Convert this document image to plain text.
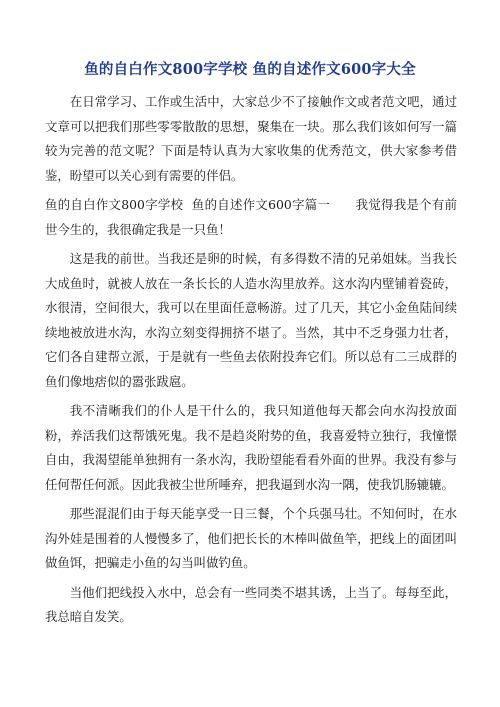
鱼的自白作文800字学校 鱼的自述作文600字大全

在日常学习、工作或生活中，大家总少不了接触作文或者范文吧，通过文章可以把我们那些零零散散的思想，聚集在一块。那么我们该如何写一篇较为完善的范文呢？下面是特认真为大家收集的优秀范文，供大家参考借鉴，盼望可以关心到有需要的伴侣。

鱼的自白作文800字学校  鱼的自述作文600字篇一　　 我觉得我是个有前世今生的，我很确定我是一只鱼！

这是我的前世。当我还是卵的时候，有多得数不清的兄弟姐妹。当我长大成鱼时，就被人放在一条长长的人造水沟里放养。这水沟内壁铺着瓷砖，水很清，空间很大，我可以在里面任意畅游。过了几天，其它小金鱼陆间续续地被放进水沟，水沟立刻变得拥挤不堪了。当然，其中不乏身强力壮者，它们各自建帮立派，于是就有一些鱼去依附投奔它们。所以总有二三成群的鱼们像地痞似的嚣张跋扈。

我不清晰我们的仆人是干什么的，我只知道他每天都会向水沟投放面粉，养活我们这帮饿死鬼。我不是趋炎附势的鱼，我喜爱特立独行，我憧憬自由，我渴望能单独拥有一条水沟，我盼望能看看外面的世界。我没有参与任何帮任何派。因此我被尘世所唾弃，把我逼到水沟一隅，使我饥肠辘辘。

那些混混们由于每天能享受一日三餐，个个兵强马壮。不知何时，在水沟外娃是围着的人慢慢多了，他们把长长的木棒叫做鱼竿，把线上的面团叫做鱼饵，把骗走小鱼的勾当叫做钓鱼。

当他们把线投入水中，总会有一些同类不堪其诱，上当了。每每至此，我总暗自发笑。
